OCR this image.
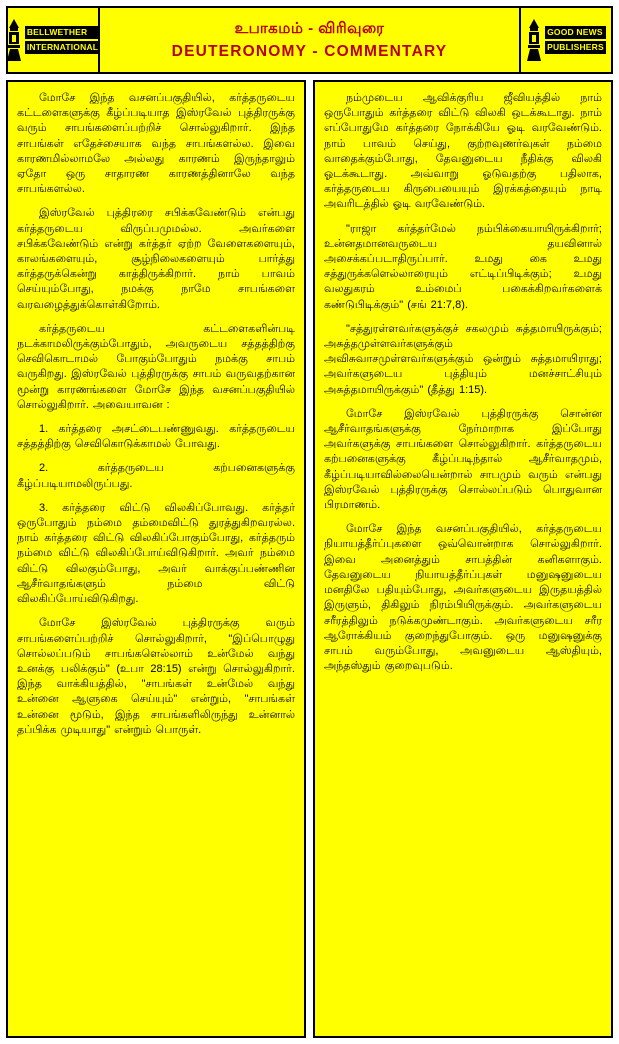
BELLWETHER
INTERNATIONAL
உபாகமம் - விரிவுரை
DEUTERONOMY - COMMENTARY
GOOD NEWS
PUBLISHERS

மோசே இந்த வசனப்பகுதியில், கர்த்தருடைய கட்டளைகளுக்கு கீழ்ப்படியாத இஸ்ரவேல் புத்திரருக்கு வரும் சாபங்களைப்பற்றிச் சொல்லுகிறார். இந்த சாபங்கள் எதேச்சையாக வந்த சாபங்களல்ல. இவை காரணமில்லாமலே அல்லது காரணம் இருந்தாலும் ஏதோ ஒரு சாதாரண காரணத்தினாலே வந்த சாபங்களல்ல.

இஸ்ரவேல் புத்திரரை சபிக்கவேண்டும் என்பது கர்த்தருடைய விருப்பமுமல்ல. அவர்களை சபிக்கவேண்டும் என்று கர்த்தர் ஏற்ற வேளைகளையும், காலங்களையும், சூழ்நிலைகளையும் பார்த்து கர்த்தருக்கென்று காத்திருக்கிறார். நாம் பாவம் செய்யும்போது, நமக்கு நாமே சாபங்களை வரவழைத்துக்கொள்கிறோம்.

கர்த்தருடைய கட்டளைகளின்படி நடக்காமலிருக்கும்போதும், அவருடைய சத்தத்திற்கு செவிகொடாமல் போகும்போதும் நமக்கு சாபம் வருகிறது. இஸ்ரவேல் புத்திரருக்கு சாபம் வருவதற்கான மூன்று காரணங்களை மோசே இந்த வசனப்பகுதியில் சொல்லுகிறார். அவையாவன :

1. கர்த்தரை அசட்டைபண்ணுவது. கர்த்தருடைய சத்தத்திற்கு செவிகொடுக்காமல் போவது.

2. கர்த்தருடைய கற்பனைகளுக்கு கீழ்ப்படியாமலிருப்பது.

3. கர்த்தரை விட்டு விலகிப்போவது. கர்த்தர் ஒருபோதும் நம்மை தம்மைவிட்டு துரத்துகிறவரல்ல. நாம் கர்த்தரை விட்டு விலகிப்போகும்போது, கர்த்தரும் நம்மை விட்டு விலகிப்போய்விடுகிறார். அவர் நம்மை விட்டு விலகும்போது, அவர் வாக்குப்பண்ணின ஆசீர்வாதங்களும் நம்மை விட்டு விலகிப்போய்விடுகிறது.

மோசே இஸ்ரவேல் புத்திரருக்கு வரும் சாபங்களைப்பற்றிச் சொல்லுகிறார், "இப்பொழுது சொல்லப்படும் சாபங்களெல்லாம் உன்மேல் வந்து உனக்கு பலிக்கும்" (உபா 28:15) என்று சொல்லுகிறார். இந்த வாக்கியத்தில், "சாபங்கள் உன்மேல் வந்து உன்னை ஆளுகை செய்யும்" என்றும், "சாபங்கள் உன்னை மூடும், இந்த சாபங்களிலிருந்து உன்னால் தப்பிக்க முடியாது" என்றும் பொருள்.

நம்முடைய ஆவிக்குரிய ஜீவியத்தில் நாம் ஒருபோதும் கர்த்தரை விட்டு விலகி ஒடக்கூடாது. நாம் எப்போதுமே கர்த்தரை நோக்கியே ஓடி வரவேண்டும். நாம் பாவம் செய்து, குற்றவுணர்வுகள் நம்மை வாதைக்கும்போது, தேவனுடைய நீதிக்கு விலகி ஓடக்கூடாது. அவ்வாறு ஓடுவதற்கு பதிலாக, கர்த்தருடைய கிருபையையும் இரக்கத்தையும் நாடி அவரிடத்தில் ஓடி வரவேண்டும்.

"ராஜா கர்த்தர்மேல் நம்பிக்கையாயிருக்கிறார்; உன்னதமானவருடைய தயவினால் அசைக்கப்படாதிருப்பார். உமது கை உமது சத்துருக்களெல்லாரையும் எட்டிப்பிடிக்கும்; உமது வலதுகரம் உம்மைப் பகைக்கிறவர்களைக் கண்டுபிடிக்கும்" (சங் 21:7,8).

"சத்துரள்ளவர்களுக்குச் சகலமும் சுத்தமாயிருக்கும்; அசுத்தமுள்ளவர்களுக்கும் அவிசுவாசமுள்ளவர்களுக்கும் ஒன்றும் சுத்தமாயிராது; அவர்களுடைய புத்தியும் மனச்சாட்சியும் அசுத்தமாயிருக்கும்" (தீத்து 1:15).

மோசே இஸ்ரவேல் புத்திரருக்கு சொன்ன ஆசீர்வாதங்களுக்கு நேர்மாறாக இப்போது அவர்களுக்கு சாபங்களை சொல்லுகிறார். கர்த்தருடைய கற்பனைகளுக்கு கீழ்ப்படிந்தால் ஆசீர்வாதமும், கீழ்ப்படியாவில்லையென்றால் சாபமும் வரும் என்பது இஸ்ரவேல் புத்திரருக்கு சொல்லப்படும் பொதுவான பிரமாணம்.

மோசே இந்த வசனப்பகுதியில், கர்த்தருடைய நியாயத்தீர்ப்புகளை ஒவ்வொன்றாக சொல்லுகிறார். இவை அனைத்தும் சாபத்தின் கனிகளாகும். தேவனுடைய நியாயத்தீர்ப்புகள் மனுஷனுடைய மனதிலே பதியும்போது, அவர்களுடைய இருதயத்தில் இருளும், திகிலும் நிரம்பியிருக்கும். அவர்களுடைய சரீரத்திலும் நடுக்கமுண்டாகும். அவர்களுடைய சரீர ஆரோக்கியம் குறைந்துபோகும். ஒரு மனுஷனுக்கு சாபம் வரும்போது, அவனுடைய ஆஸ்தியும், அந்தஸ்தும் குறைவுபடும்.
